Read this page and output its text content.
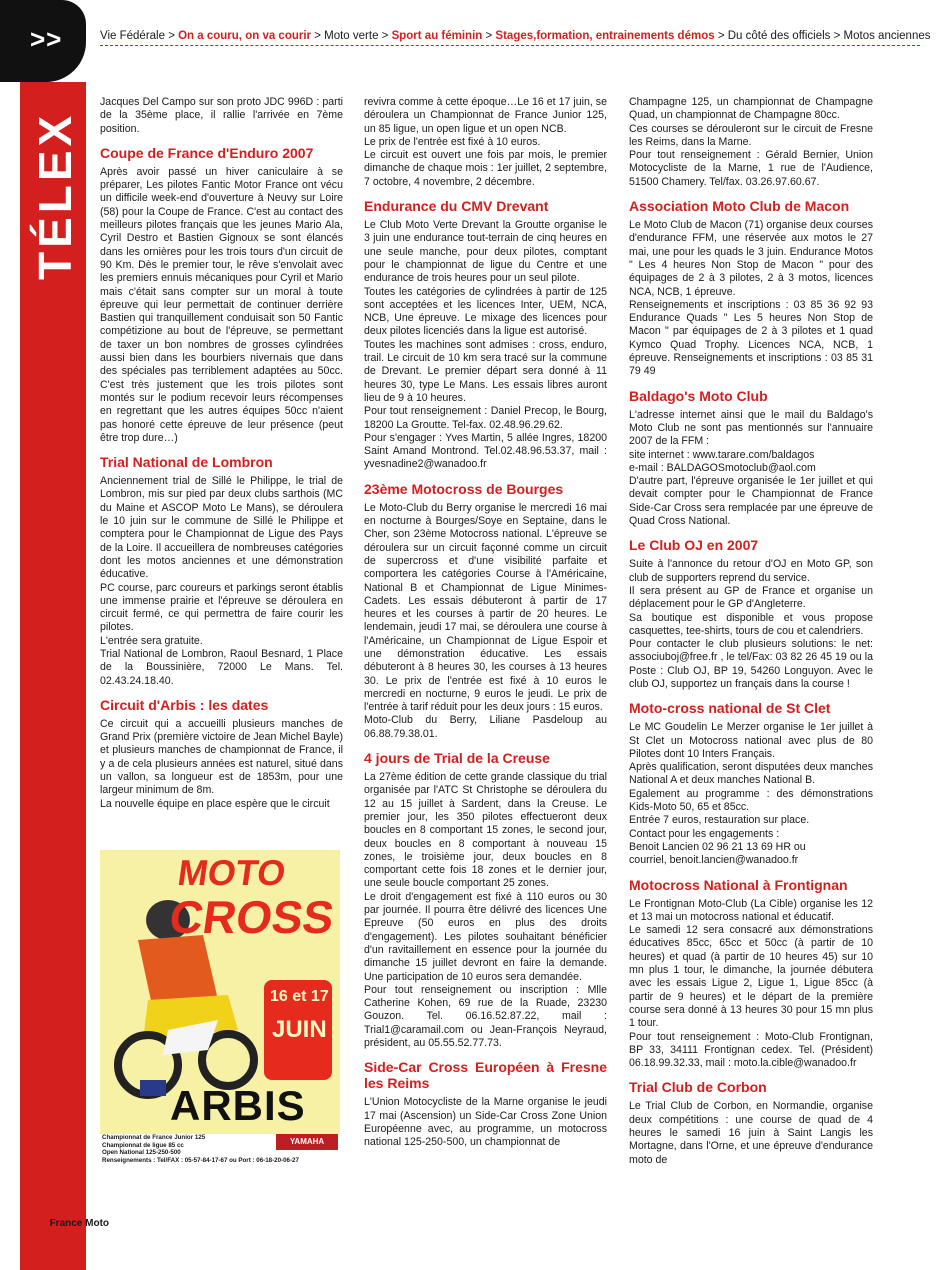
>>
TÉLEX
Vie Fédérale > On a couru, on va courir > Moto verte > Sport au féminin > Stages,formation, entrainements démos > Du côté des officiels > Motos anciennes

Jacques Del Campo sur son proto JDC 996D : parti de la 35ème place, il rallie l'arrivée en 7ème position.

Coupe de France d'Enduro 2007

Après avoir passé un hiver caniculaire à se préparer, Les pilotes Fantic Motor France ont vécu un difficile week-end d'ouverture à Neuvy sur Loire (58) pour la Coupe de France. C'est au contact des meilleurs pilotes français que les jeunes Mario Ala, Cyril Destro et Bastien Gignoux se sont élancés dans les ornières pour les trois tours d'un circuit de 90 Km. Dès le premier tour, le rêve s'envolait avec les premiers ennuis mécaniques pour Cyril et Mario mais c'était sans compter sur un moral à toute épreuve qui leur permettait de continuer derrière Bastien qui tranquillement conduisait son 50 Fantic compétizione au bout de l'épreuve, se permettant de taxer un bon nombres de grosses cylindrées aussi bien dans les bourbiers nivernais que dans des spéciales pas terriblement adaptées au 50cc. C'est très justement que les trois pilotes sont montés sur le podium recevoir leurs récompenses en regrettant que les autres équipes 50cc n'aient pas honoré cette épreuve de leur présence (peut être trop dure…)

Trial National de Lombron

Anciennement trial de Sillé le Philippe, le trial de Lombron, mis sur pied par deux clubs sarthois (MC du Maine et ASCOP Moto Le Mans), se déroulera le 10 juin sur le commune de Sillé le Philippe et comptera pour le Championnat de Ligue des Pays de la Loire. Il accueillera de nombreuses catégories dont les motos anciennes et une démonstration éducative.

PC course, parc coureurs et parkings seront établis une immense prairie et l'épreuve se déroulera en circuit fermé, ce qui permettra de faire courir les pilotes.

L'entrée sera gratuite.

Trial National de Lombron, Raoul Besnard, 1 Place de la Boussinière, 72000 Le Mans. Tel. 02.43.24.18.40.

Circuit d'Arbis : les dates

Ce circuit qui a accueilli plusieurs manches de Grand Prix (première victoire de Jean Michel Bayle) et plusieurs manches de championnat de France, il y a de cela plusieurs années est naturel, situé dans un vallon, sa longueur est de 1853m, pour une largeur minimum de 8m.

La nouvelle équipe en place espère que le circuit

MOTO
CROSS
16 et 17
JUIN
ARBIS
Championnat de France Junior 125
Championnat de ligue 85 cc
Open National 125-250-500
Renseignements : Tel/FAX : 05-57-84-17-67 ou Port : 06-18-20-06-27
YAMAHA

revivra comme à cette époque…Le 16 et 17 juin, se déroulera un Championnat de France Junior 125, un 85 ligue, un open ligue et un open NCB.

Le prix de l'entrée est fixé à 10 euros.

Le circuit est ouvert une fois par mois, le premier dimanche de chaque mois : 1er juillet, 2 septembre, 7 octobre, 4 novembre, 2 décembre.

Endurance du CMV Drevant

Le Club Moto Verte Drevant la Groutte organise le 3 juin une endurance tout-terrain de cinq heures en une seule manche, pour deux pilotes, comptant pour le championnat de ligue du Centre et une endurance de trois heures pour un seul pilote.

Toutes les catégories de cylindrées à partir de 125 sont acceptées et les licences Inter, UEM, NCA, NCB, Une épreuve. Le mixage des licences pour deux pilotes licenciés dans la ligue est autorisé.

Toutes les machines sont admises : cross, enduro, trail. Le circuit de 10 km sera tracé sur la commune de Drevant. Le premier départ sera donné à 11 heures 30, type Le Mans. Les essais libres auront lieu de 9 à 10 heures.

Pour tout renseignement : Daniel Precop, le Bourg, 18200 La Groutte. Tel-fax. 02.48.96.29.62.

Pour s'engager : Yves Martin, 5 allée Ingres, 18200 Saint Amand Montrond. Tel.02.48.96.53.37, mail : yvesnadine2@wanadoo.fr

23ème Motocross de Bourges

Le Moto-Club du Berry organise le mercredi 16 mai en nocturne à Bourges/Soye en Septaine, dans le Cher, son 23ème Motocross national. L'épreuve se déroulera sur un circuit façonné comme un circuit de supercross et d'une visibilité parfaite et comportera les catégories Course à l'Américaine, National B et Championnat de Ligue Minimes-Cadets. Les essais débuteront à partir de 17 heures et les courses à partir de 20 heures. Le lendemain, jeudi 17 mai, se déroulera une course à l'Américaine, un Championnat de Ligue Espoir et une démonstration éducative. Les essais débuteront à 8 heures 30, les courses à 13 heures 30. Le prix de l'entrée est fixé à 10 euros le mercredi en nocturne, 9 euros le jeudi. Le prix de l'entrée à tarif réduit pour les deux jours : 15 euros.

Moto-Club du Berry, Liliane Pasdeloup au 06.88.79.38.01.

4 jours de Trial de la Creuse

La 27ème édition de cette grande classique du trial organisée par l'ATC St Christophe se déroulera du 12 au 15 juillet à Sardent, dans la Creuse. Le premier jour, les 350 pilotes effectueront deux boucles en 8 comportant 15 zones, le second jour, deux boucles en 8 comportant à nouveau 15 zones, le troisième jour, deux boucles en 8 comportant cette fois 18 zones et le dernier jour, une seule boucle comportant 25 zones.

Le droit d'engagement est fixé à 110 euros ou 30 par journée. Il pourra être délivré des licences Une Epreuve (50 euros en plus des droits d'engagement). Les pilotes souhaitant bénéficier d'un ravitaillement en essence pour la journée du dimanche 15 juillet devront en faire la demande. Une participation de 10 euros sera demandée.

Pour tout renseignement ou inscription : Mlle Catherine Kohen, 69 rue de la Ruade, 23230 Gouzon. Tel. 06.16.52.87.22, mail : Trial1@caramail.com ou Jean-François Neyraud, président, au 05.55.52.77.73.

Side-Car Cross Européen à Fresne les Reims

L'Union Motocycliste de la Marne organise le jeudi 17 mai (Ascension) un Side-Car Cross Zone Union Européenne avec, au programme, un motocross national 125-250-500, un championnat de

Champagne 125, un championnat de Champagne Quad, un championnat de Champagne 80cc.

Ces courses se dérouleront sur le circuit de Fresne les Reims, dans la Marne.

Pour tout renseignement : Gérald Bernier, Union Motocycliste de la Marne, 1 rue de l'Audience, 51500 Chamery. Tel/fax. 03.26.97.60.67.

Association Moto Club de Macon

Le Moto Club de Macon (71) organise deux courses d'endurance FFM, une réservée aux motos le 27 mai, une pour les quads le 3 juin. Endurance Motos " Les 4 heures Non Stop de Macon " pour des équipages de 2 à 3 pilotes, 2 à 3 motos, licences NCA, NCB, 1 épreuve.

Renseignements et inscriptions : 03 85 36 92 93 Endurance Quads " Les 5 heures Non Stop de Macon " par équipages de 2 à 3 pilotes et 1 quad Kymco Quad Trophy. Licences NCA, NCB, 1 épreuve. Renseignements et inscriptions : 03 85 31 79 49

Baldago's Moto Club

L'adresse internet ainsi que le mail du Baldago's Moto Club ne sont pas mentionnés sur l'annuaire 2007 de la FFM :

site internet : www.tarare.com/baldagos

e-mail : BALDAGOSmotoclub@aol.com

D'autre part, l'épreuve organisée le 1er juillet et qui devait compter pour le Championnat de France Side-Car Cross sera remplacée par une épreuve de Quad Cross National.

Le Club OJ en 2007

Suite à l'annonce du retour d'OJ en Moto GP, son club de supporters reprend du service.

Il sera présent au GP de France et organise un déplacement pour le GP d'Angleterre.

Sa boutique est disponible et vous propose casquettes, tee-shirts, tours de cou et calendriers.

Pour contacter le club plusieurs solutions: le net: associuboj@free.fr , le tel/Fax: 03 82 26 45 19 ou la Poste : Club OJ, BP 19, 54260 Longuyon. Avec le club OJ, supportez un français dans la course !

Moto-cross national de St Clet

Le MC Goudelin Le Merzer organise le 1er juillet à St Clet un Motocross national avec plus de 80 Pilotes dont 10 Inters Français.

Après qualification, seront disputées deux manches National A et deux manches National B.

Egalement au programme : des démonstrations Kids-Moto 50, 65 et 85cc.

Entrée 7 euros, restauration sur place.

Contact pour les engagements :

Benoit Lancien 02 96 21 13 69 HR ou

courriel, benoit.lancien@wanadoo.fr

Motocross National à Frontignan

Le Frontignan Moto-Club (La Cible) organise les 12 et 13 mai un motocross national et éducatif.

Le samedi 12 sera consacré aux démonstrations éducatives 85cc, 65cc et 50cc (à partir de 10 heures) et quad (à partir de 10 heures 45) sur 10 mn plus 1 tour, le dimanche, la journée débutera avec les essais Ligue 2, Ligue 1, Ligue 85cc (à partir de 9 heures) et le départ de la première course sera donné à 13 heures 30 pour 15 mn plus 1 tour.

Pour tout renseignement : Moto-Club Frontignan, BP 33, 34111 Frontignan cedex. Tel. (Président) 06.18.99.32.33, mail : moto.la.cible@wanadoo.fr

Trial Club de Corbon

Le Trial Club de Corbon, en Normandie, organise deux compétitions : une course de quad de 4 heures le samedi 16 juin à Saint Langis les Mortagne, dans l'Orne, et une épreuve d'endurance moto de

6 France Moto
